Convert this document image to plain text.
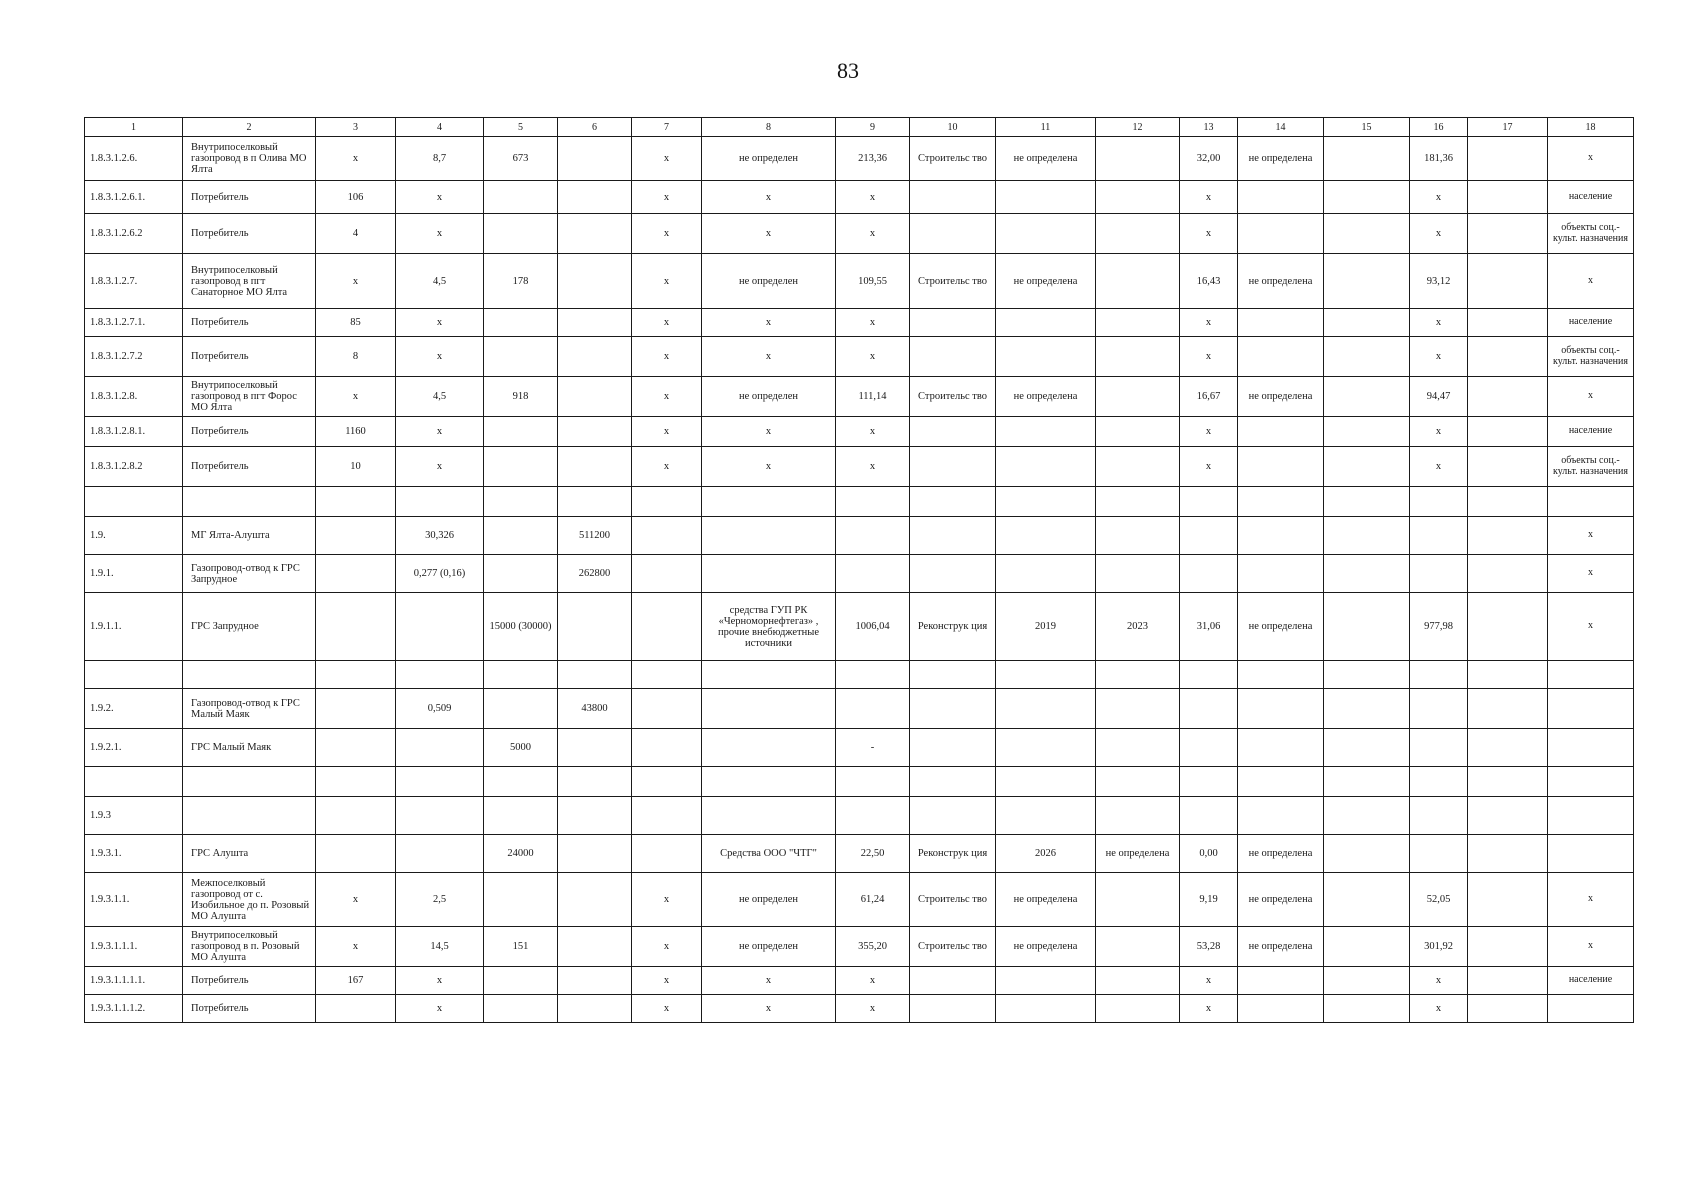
83
1	2	3	4	5	6	7	8	9	10	11	12	13	14	15	16	17	18
1.8.3.1.2.6.	Внутрипоселковый газопровод в п Олива МО Ялта	x	8,7	673		x	не определен	213,36	Строительс тво	не определена		32,00	не определена		181,36		x
1.8.3.1.2.6.1.	Потребитель	106	x			x	x	x				x			x		население
1.8.3.1.2.6.2	Потребитель	4	x			x	x	x				x			x		объекты соц.-культ. назначения
1.8.3.1.2.7.	Внутрипоселковый газопровод в пгт Санаторное МО Ялта	x	4,5	178		x	не определен	109,55	Строительс тво	не определена		16,43	не определена		93,12		x
1.8.3.1.2.7.1.	Потребитель	85	x			x	x	x				x			x		население
1.8.3.1.2.7.2	Потребитель	8	x			x	x	x				x			x		объекты соц.-культ. назначения
1.8.3.1.2.8.	Внутрипоселковый газопровод в пгт Форос МО Ялта	x	4,5	918		x	не определен	111,14	Строительс тво	не определена		16,67	не определена		94,47		x
1.8.3.1.2.8.1.	Потребитель	1160	x			x	x	x				x			x		население
1.8.3.1.2.8.2	Потребитель	10	x			x	x	x				x			x		объекты соц.-культ. назначения

1.9.	МГ Ялта-Алушта		30,326		511200												x
1.9.1.	Газопровод-отвод к ГРС Запрудное		0,277 (0,16)		262800												x
1.9.1.1.	ГРС Запрудное			15000 (30000)			средства ГУП РК «Черноморнефтегаз» , прочие внебюджетные источники	1006,04	Реконструк ция	2019	2023	31,06	не определена		977,98		x

1.9.2.	Газопровод-отвод к ГРС Малый Маяк		0,509		43800												
1.9.2.1.	ГРС Малый Маяк			5000				-									

1.9.3																	
1.9.3.1.	ГРС Алушта			24000			Средства ООО "ЧТГ"	22,50	Реконструк ция	2026	не определена	0,00	не определена				
1.9.3.1.1.	Межпоселковый газопровод от с. Изобильное до п. Розовый МО Алушта	x	2,5			x	не определен	61,24	Строительс тво	не определена		9,19	не определена		52,05		x
1.9.3.1.1.1.	Внутрипоселковый газопровод в п. Розовый МО Алушта	x	14,5	151		x	не определен	355,20	Строительс тво	не определена		53,28	не определена		301,92		x
1.9.3.1.1.1.1.	Потребитель	167	x			x	x	x				x			x		население
1.9.3.1.1.1.2.	Потребитель		x			x	x	x				x			x		
